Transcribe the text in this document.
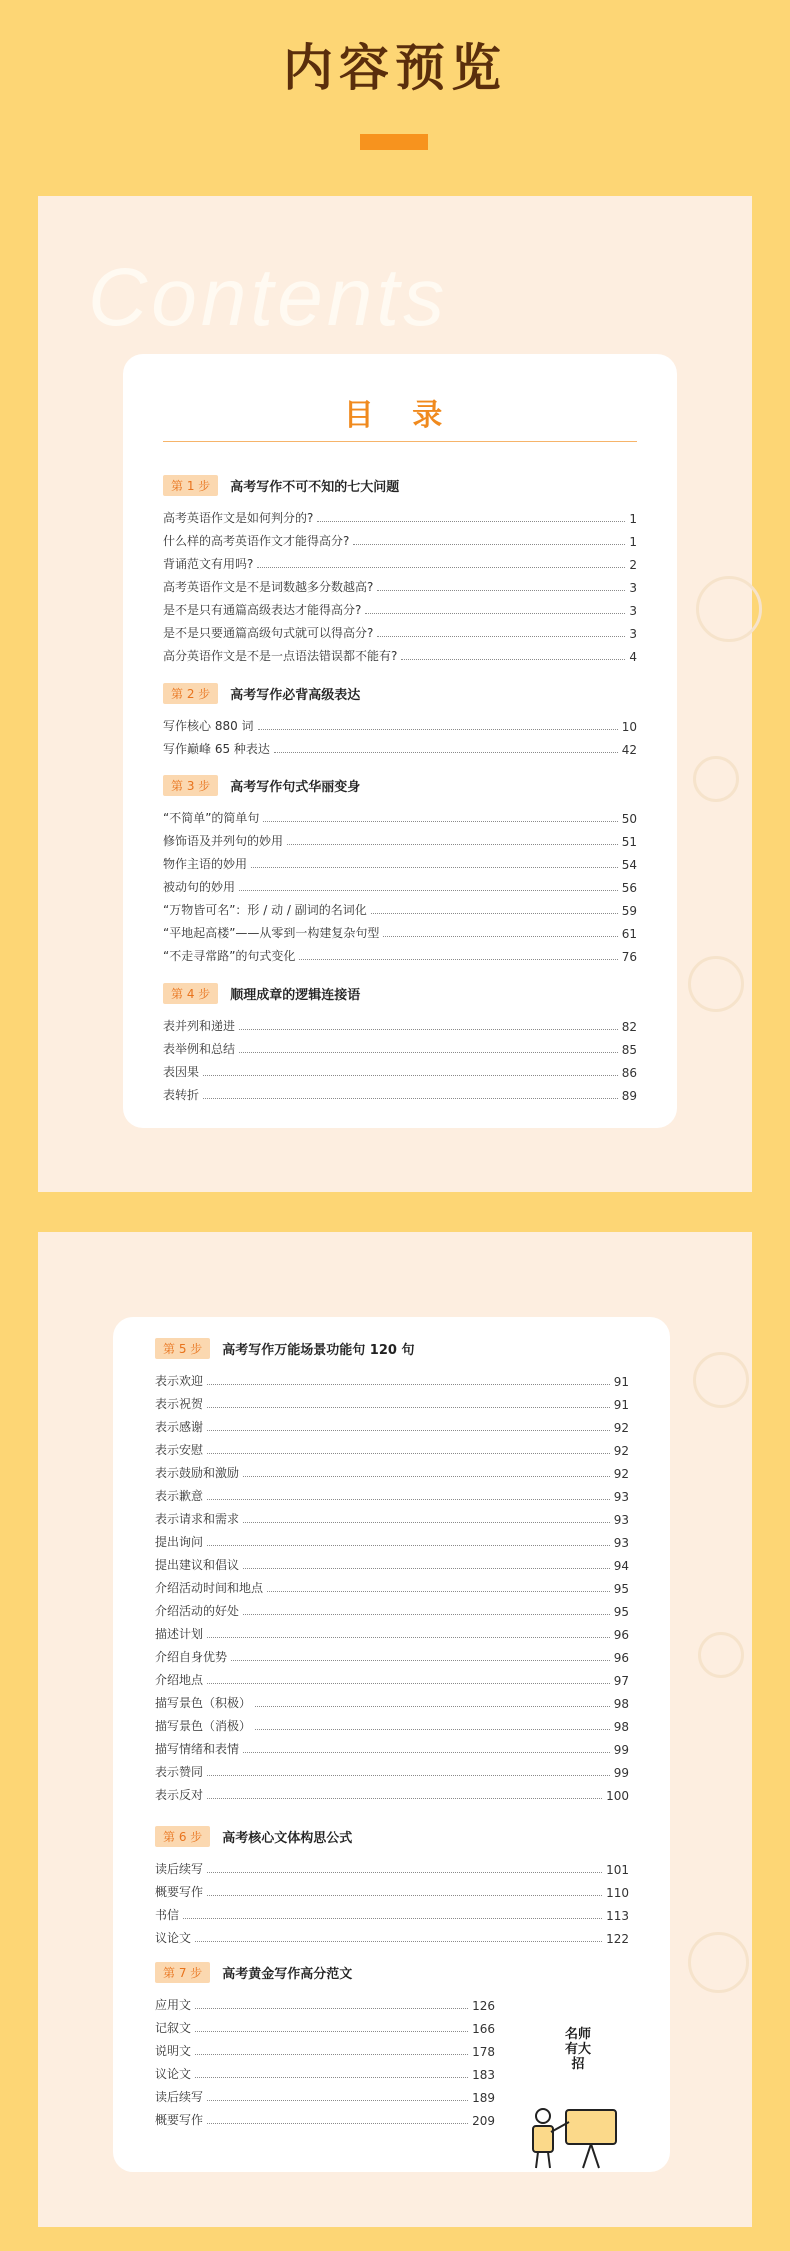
内容预览
Contents
目 录
第 1 步	高考写作不可不知的七大问题
高考英语作文是如何判分的?	1
什么样的高考英语作文才能得高分?	1
背诵范文有用吗?	2
高考英语作文是不是词数越多分数越高?	3
是不是只有通篇高级表达才能得高分?	3
是不是只要通篇高级句式就可以得高分?	3
高分英语作文是不是一点语法错误都不能有?	4
第 2 步	高考写作必背高级表达
写作核心 880 词	10
写作巅峰 65 种表达	42
第 3 步	高考写作句式华丽变身
“不简单”的简单句	50
修饰语及并列句的妙用	51
物作主语的妙用	54
被动句的妙用	56
“万物皆可名”：形 / 动 / 副词的名词化	59
“平地起高楼”——从零到一构建复杂句型	61
“不走寻常路”的句式变化	76
第 4 步	顺理成章的逻辑连接语
表并列和递进	82
表举例和总结	85
表因果	86
表转折	89
第 5 步	高考写作万能场景功能句 120 句
表示欢迎	91
表示祝贺	91
表示感谢	92
表示安慰	92
表示鼓励和激励	92
表示歉意	93
表示请求和需求	93
提出询问	93
提出建议和倡议	94
介绍活动时间和地点	95
介绍活动的好处	95
描述计划	96
介绍自身优势	96
介绍地点	97
描写景色（积极）	98
描写景色（消极）	98
描写情绪和表情	99
表示赞同	99
表示反对	100
第 6 步	高考核心文体构思公式
读后续写	101
概要写作	110
书信	113
议论文	122
第 7 步	高考黄金写作高分范文
应用文	126
记叙文	166
说明文	178
议论文	183
读后续写	189
概要写作	209
名师有大招
